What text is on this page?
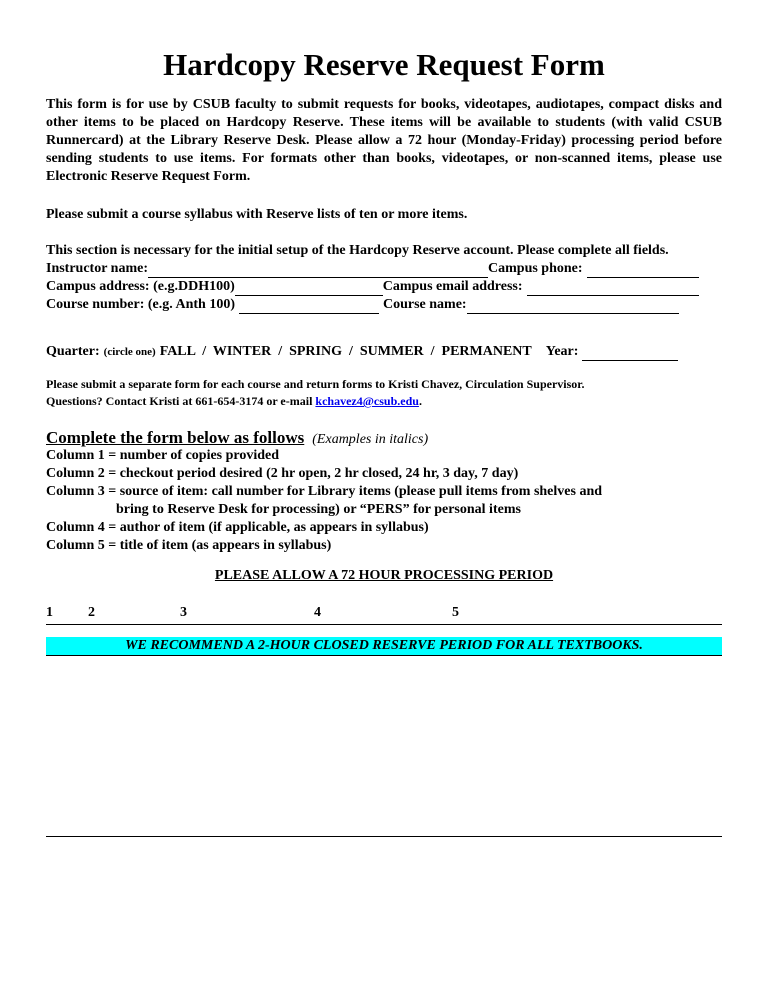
Hardcopy Reserve Request Form

This form is for use by CSUB faculty to submit requests for books, videotapes, audiotapes, compact disks and other items to be placed on Hardcopy Reserve. These items will be available to students (with valid CSUB Runnercard) at the Library Reserve Desk. Please allow a 72 hour (Monday-Friday) processing period before sending students to use items. For formats other than books, videotapes, or non-scanned items, please use Electronic Reserve Request Form.

Please submit a course syllabus with Reserve lists of ten or more items.

This section is necessary for the initial setup of the Hardcopy Reserve account. Please complete all fields.
Instructor name:	Campus phone:
Campus address: (e.g.DDH100)	Campus email address:
Course number: (e.g. Anth 100)	Course name:
Quarter: (circle one) FALL  /  WINTER  /  SPRING  /  SUMMER  /  PERMANENT Year:
Please submit a separate form for each course and return forms to Kristi Chavez, Circulation Supervisor.
Questions? Contact Kristi at 661-654-3174 or e-mail kchavez4@csub.edu.
Complete the form below as follows (Examples in italics)
Column 1 = number of copies provided
Column 2 = checkout period desired (2 hr open, 2 hr closed, 24 hr, 3 day, 7 day)
Column 3 = source of item: call number for Library items (please pull items from shelves and
bring to Reserve Desk for processing) or “PERS” for personal items
Column 4 = author of item (if applicable, as appears in syllabus)
Column 5 = title of item (as appears in syllabus)
PLEASE ALLOW A 72 HOUR PROCESSING PERIOD
1	2	3	4	5
WE RECOMMEND A 2-HOUR CLOSED RESERVE PERIOD FOR ALL TEXTBOOKS.
